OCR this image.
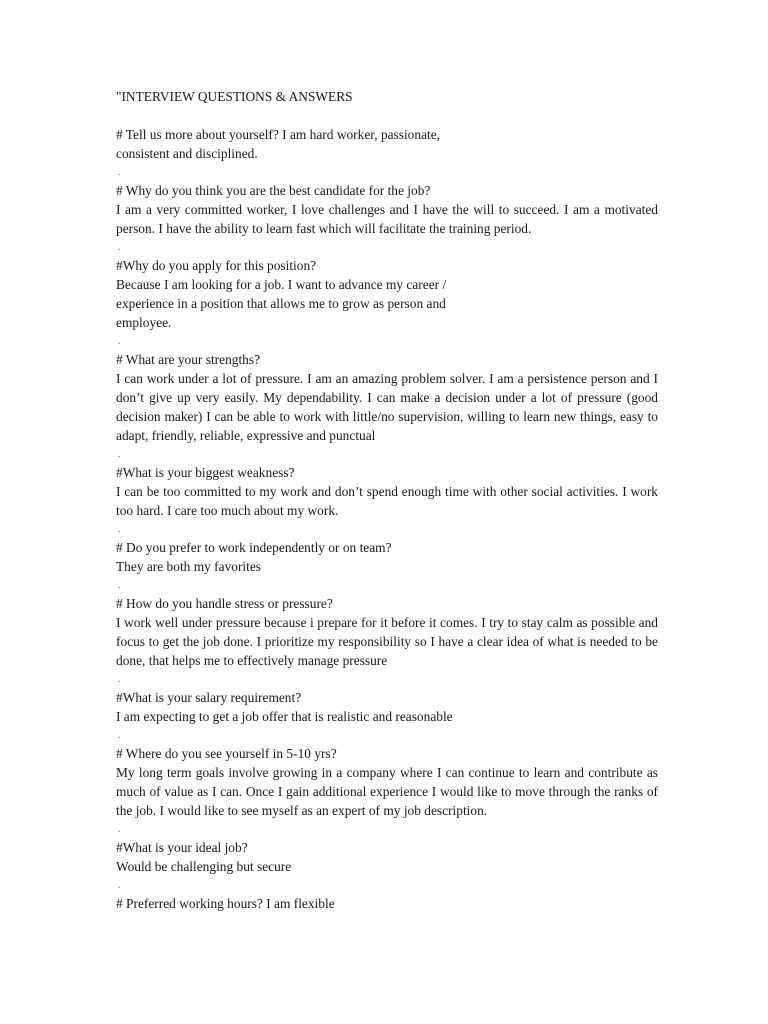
"INTERVIEW QUESTIONS & ANSWERS
# Tell us more about yourself? I am hard worker, passionate,
consistent and disciplined.
.
# Why do you think you are the best candidate for the job?
I am a very committed worker, I love challenges and I have the will to succeed. I am a motivated
person. I have the ability to learn fast which will facilitate the training period.
.
#Why do you apply for this position?
Because I am looking for a job. I want to advance my career /
experience in a position that allows me to grow as person and
employee.
.
# What are your strengths?
I can work under a lot of pressure. I am an amazing problem solver. I am a persistence person and I
don’t give up very easily. My dependability. I can make a decision under a lot of pressure (good
decision maker) I can be able to work with little/no supervision, willing to learn new things, easy to
adapt, friendly, reliable, expressive and punctual
.
#What is your biggest weakness?
I can be too committed to my work and don’t spend enough time with other social activities. I work
too hard. I care too much about my work.
.
# Do you prefer to work independently or on team?
They are both my favorites
.
# How do you handle stress or pressure?
I work well under pressure because i prepare for it before it comes. I try to stay calm as possible and
focus to get the job done. I prioritize my responsibility so I have a clear idea of what is needed to be
done, that helps me to effectively manage pressure
.
#What is your salary requirement?
I am expecting to get a job offer that is realistic and reasonable
.
# Where do you see yourself in 5-10 yrs?
My long term goals involve growing in a company where I can continue to learn and contribute as
much of value as I can. Once I gain additional experience I would like to move through the ranks of
the job. I would like to see myself as an expert of my job description.
.
#What is your ideal job?
Would be challenging but secure
.
# Preferred working hours? I am flexible
